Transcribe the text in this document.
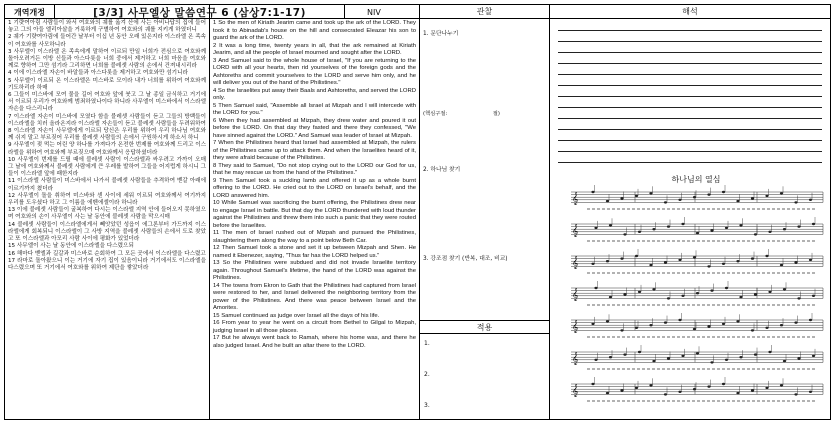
개역개정	[3/3] 사무엘상 말씀연구 6 (삼상7:1-17)	NIV

1 기럇여아림 사람들이 와서 여호와의 궤를 옮겨 산에 사는 아비나답의 집에 들어놓고 그의 아들 엘리아살을 거룩하게 구별하여 여호와의 궤를 지키게 하였더니

2 궤가 기럇여아림에 들어간 날부터 이십 년 동안 오래 있은지라 이스라엘 온 족속이 여호와를 사모하니라

3 사무엘이 이스라엘 온 족속에게 말하여 이르되 만일 너희가 전심으로 여호와께 돌아오려거든 이방 신들과 아스다롯을 너희 중에서 제거하고 너희 마음을 여호와께로 향하여 그만 섬기라 그리하면 너희를 블레셋 사람의 손에서 건져내시리라

4 이에 이스라엘 자손이 바알들과 아스다롯을 제거하고 여호와만 섬기니라

5 사무엘이 이르되 온 이스라엘은 미스바로 모이라 내가 너희를 위하여 여호와께 기도하리라 하매

6 그들이 미스바에 모여 물을 길어 여호와 앞에 붓고 그 날 종일 금식하고 거기에서 이르되 우리가 여호와께 범죄하였나이다 하니라 사무엘이 미스바에서 이스라엘 자손을 다스리니라

7 이스라엘 자손이 미스바에 모였다 함을 블레셋 사람들이 듣고 그들의 방백들이 이스라엘을 치러 올라온지라 이스라엘 자손들이 듣고 블레셋 사람들을 두려워하여

8 이스라엘 자손이 사무엘에게 이르되 당신은 우리를 위하여 우리 하나님 여호와께 쉬지 말고 부르짖어 우리를 블레셋 사람들의 손에서 구원하시게 하소서 하니

9 사무엘이 젖 먹는 어린 양 하나를 가져다가 온전한 번제를 여호와께 드리고 이스라엘을 위하여 여호와께 부르짖으매 여호와께서 응답하셨더라

10 사무엘이 번제를 드릴 때에 블레셋 사람이 이스라엘과 싸우려고 가까이 오매 그 날에 여호와께서 블레셋 사람에게 큰 우레를 발하여 그들을 어지럽게 하시니 그들이 이스라엘 앞에 패한지라

11 이스라엘 사람들이 미스바에서 나가서 블레셋 사람들을 추격하여 벧갈 아래에 이르기까지 쳤더라

12 사무엘이 돌을 취하여 미스바와 센 사이에 세워 이르되 여호와께서 여기까지 우리를 도우셨다 하고 그 이름을 에벤에셀이라 하니라

13 이에 블레셋 사람들이 굴복하여 다시는 이스라엘 지역 안에 들어오지 못하였으며 여호와의 손이 사무엘이 사는 날 동안에 블레셋 사람을 막으시매

14 블레셋 사람들이 이스라엘에게서 빼앗았던 성읍이 에그론부터 가드까지 이스라엘에게 회복되니 이스라엘이 그 사방 지역을 블레셋 사람들의 손에서 도로 찾았고 또 이스라엘과 아모리 사람 사이에 평화가 있었더라

15 사무엘이 사는 날 동안에 이스라엘을 다스렸으되

16 해마다 벧엘과 길갈과 미스바로 순회하여 그 모든 곳에서 이스라엘을 다스렸고

17 라마로 돌아왔으니 이는 거기에 자기 집이 있음이니라 거기에서도 이스라엘을 다스렸으며 또 거기에서 여호와를 위하여 제단을 쌓았더라

1 So the men of Kiriath Jearim came and took up the ark of the LORD. They took it to Abinadab's house on the hill and consecrated Eleazar his son to guard the ark of the LORD.

2 It was a long time, twenty years in all, that the ark remained at Kiriath Jearim, and all the people of Israel mourned and sought after the LORD.

3 And Samuel said to the whole house of Israel, "If you are returning to the LORD with all your hearts, then rid yourselves of the foreign gods and the Ashtoreths and commit yourselves to the LORD and serve him only, and he will deliver you out of the hand of the Philistines."

4 So the Israelites put away their Baals and Ashtoreths, and served the LORD only.

5 Then Samuel said, "Assemble all Israel at Mizpah and I will intercede with the LORD for you."

6 When they had assembled at Mizpah, they drew water and poured it out before the LORD. On that day they fasted and there they confessed, "We have sinned against the LORD." And Samuel was leader of Israel at Mizpah.

7 When the Philistines heard that Israel had assembled at Mizpah, the rulers of the Philistines came up to attack them. And when the Israelites heard of it, they were afraid because of the Philistines.

8 They said to Samuel, "Do not stop crying out to the LORD our God for us, that he may rescue us from the hand of the Philistines."

9 Then Samuel took a suckling lamb and offered it up as a whole burnt offering to the LORD. He cried out to the LORD on Israel's behalf, and the LORD answered him.

10 While Samuel was sacrificing the burnt offering, the Philistines drew near to engage Israel in battle. But that day the LORD thundered with loud thunder against the Philistines and threw them into such a panic that they were routed before the Israelites.

11 The men of Israel rushed out of Mizpah and pursued the Philistines, slaughtering them along the way to a point below Beth Car.

12 Then Samuel took a stone and set it up between Mizpah and Shen. He named it Ebenezer, saying, "Thus far has the LORD helped us."

13 So the Philistines were subdued and did not invade Israelite territory again. Throughout Samuel's lifetime, the hand of the LORD was against the Philistines.

14 The towns from Ekron to Gath that the Philistines had captured from Israel were restored to her, and Israel delivered the neighboring territory from the power of the Philistines. And there was peace between Israel and the Amorites.

15 Samuel continued as judge over Israel all the days of his life.

16 From year to year he went on a circuit from Bethel to Gilgal to Mizpah, judging Israel in all those places.

17 But he always went back to Ramah, where his home was, and there he also judged Israel. And he built an altar there to the LORD.

관찰
1. 문단나누기
(핵심구절:	절)
2. 하나님 찾기
3. 강조점 찾기 (반복, 대조, 비교)
적용
1.
2.
3.
해석
𝄞
𝄞
𝄞
𝄞
𝄞
𝄞
𝄞
하나님의 열심
